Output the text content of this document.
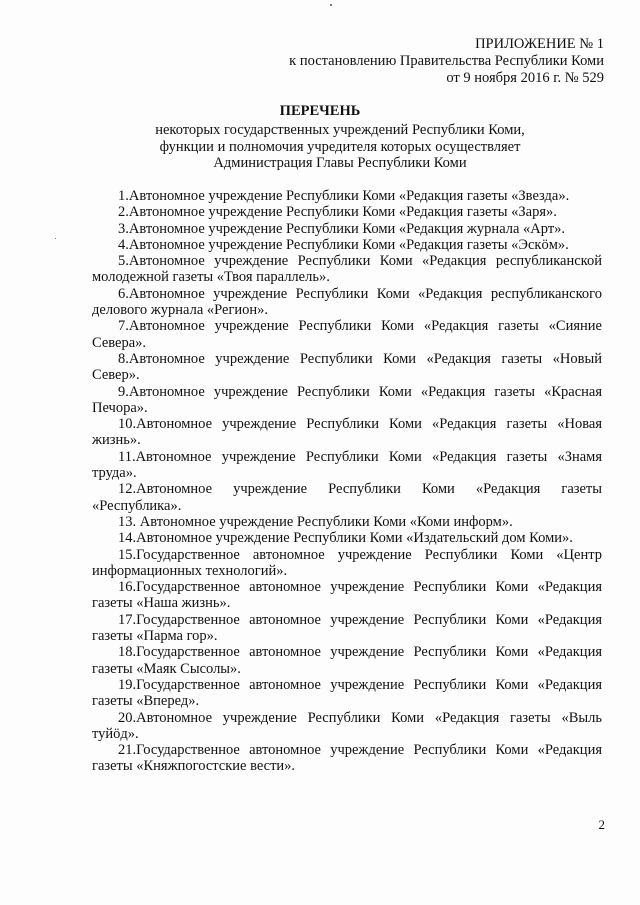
ПРИЛОЖЕНИЕ № 1
к постановлению Правительства Республики Коми
от 9 ноября 2016 г. № 529
ПЕРЕЧЕНЬ
некоторых государственных учреждений Республики Коми,
функции и полномочия учредителя которых осуществляет
Администрация Главы Республики Коми

1.Автономное учреждение Республики Коми «Редакция газеты «Звезда».

2.Автономное учреждение Республики Коми «Редакция газеты «Заря».

3.Автономное учреждение Республики Коми «Редакция журнала «Арт».

4.Автономное учреждение Республики Коми «Редакция газеты «Эскöм».

5.Автономное учреждение Республики Коми «Редакция республиканской молодежной газеты «Твоя параллель».

6.Автономное учреждение Республики Коми «Редакция республиканского делового журнала «Регион».

7.Автономное учреждение Республики Коми «Редакция газеты «Сияние Севера».

8.Автономное учреждение Республики Коми «Редакция газеты «Новый Север».

9.Автономное учреждение Республики Коми «Редакция газеты «Красная Печора».

10.Автономное учреждение Республики Коми «Редакция газеты «Новая жизнь».

11.Автономное учреждение Республики Коми «Редакция газеты «Знамя труда».

12.Автономное учреждение Республики Коми «Редакция газеты «Республика».

13. Автономное учреждение Республики Коми «Коми информ».

14.Автономное учреждение Республики Коми «Издательский дом Коми».

15.Государственное автономное учреждение Республики Коми «Центр информационных технологий».

16.Государственное автономное учреждение Республики Коми «Редакция газеты «Наша жизнь».

17.Государственное автономное учреждение Республики Коми «Редакция газеты «Парма гор».

18.Государственное автономное учреждение Республики Коми «Редакция газеты «Маяк Сысолы».

19.Государственное автономное учреждение Республики Коми «Редакция газеты «Вперед».

20.Автономное учреждение Республики Коми «Редакция газеты «Выль туйöд».

21.Государственное автономное учреждение Республики Коми «Редакция газеты «Княжпогостские вести».

2
